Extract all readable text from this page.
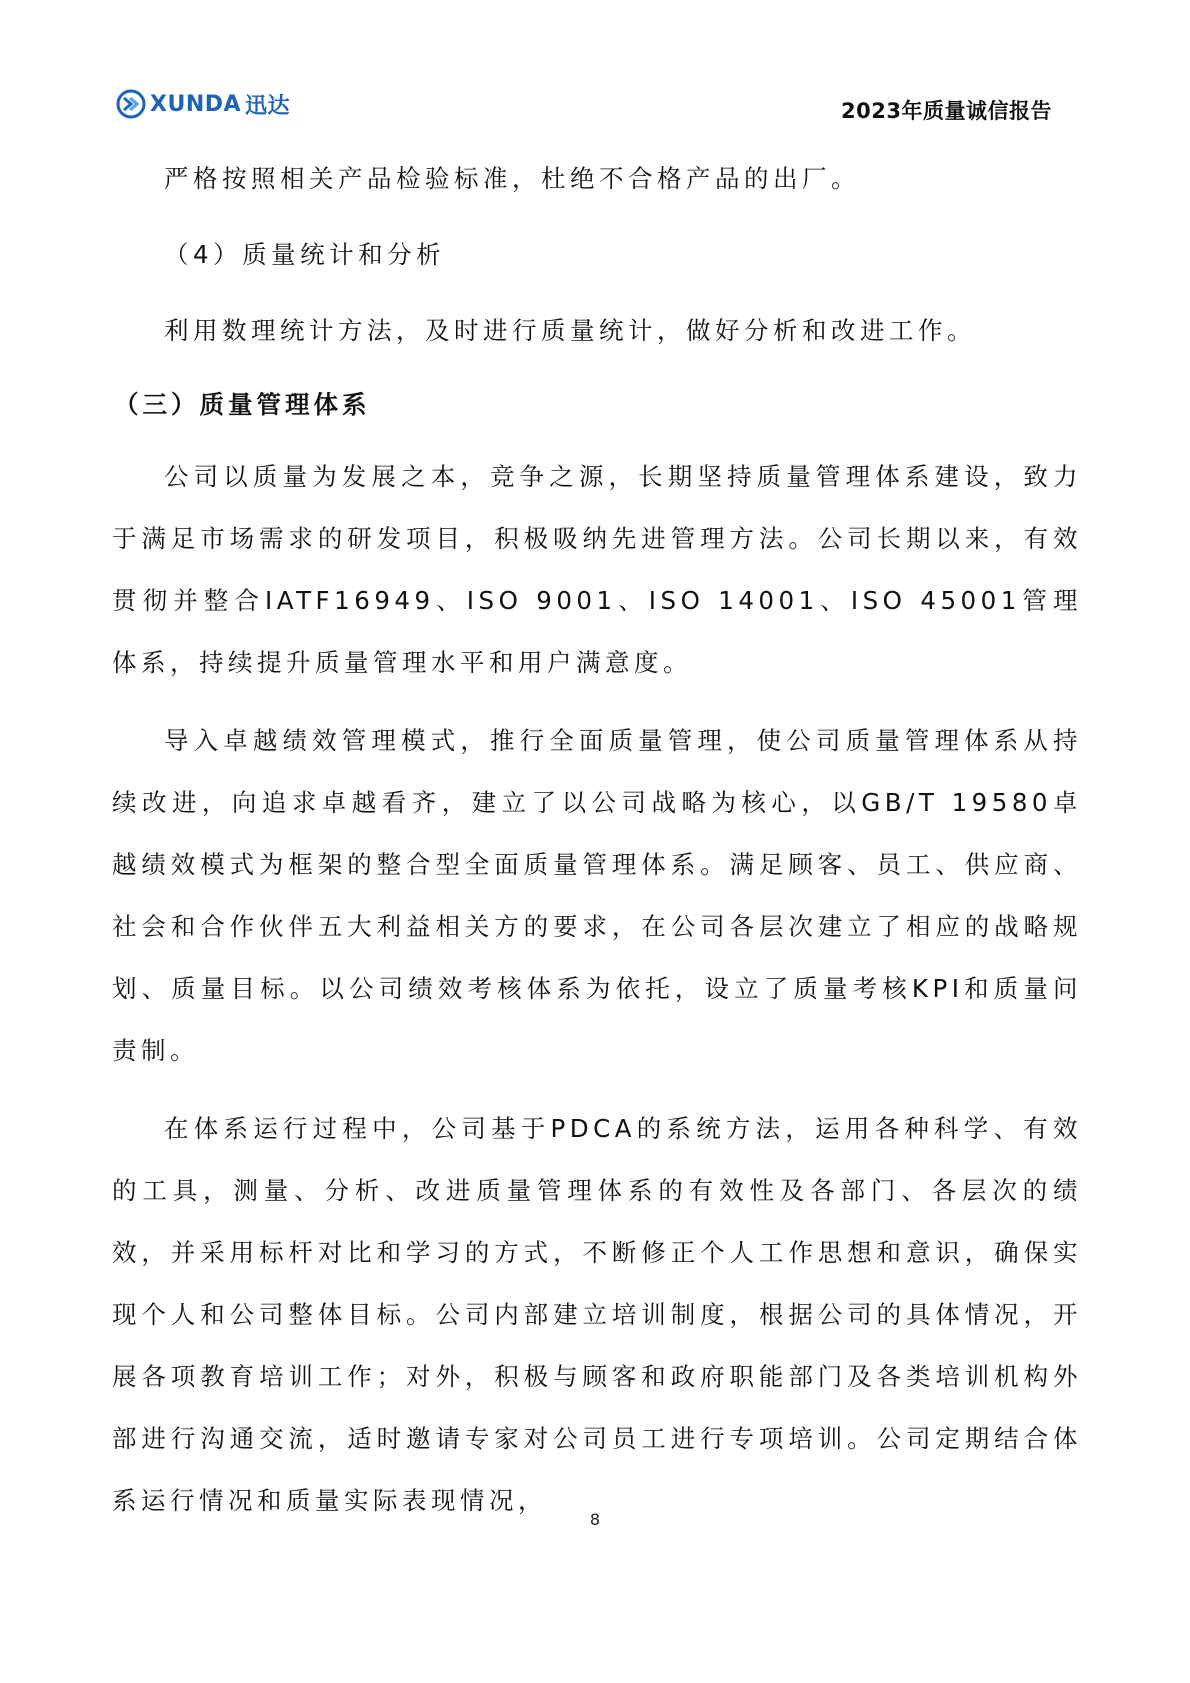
XUNDA 迅达	2023年质量诚信报告

严格按照相关产品检验标准，杜绝不合格产品的出厂。

（4）质量统计和分析

利用数理统计方法，及时进行质量统计，做好分析和改进工作。

（三）质量管理体系

公司以质量为发展之本，竞争之源，长期坚持质量管理体系建设，致力于满足市场需求的研发项目，积极吸纳先进管理方法。公司长期以来，有效贯彻并整合IATF16949、ISO 9001、ISO 14001、ISO 45001管理体系，持续提升质量管理水平和用户满意度。

导入卓越绩效管理模式，推行全面质量管理，使公司质量管理体系从持续改进，向追求卓越看齐，建立了以公司战略为核心，以GB/T 19580卓越绩效模式为框架的整合型全面质量管理体系。满足顾客、员工、供应商、社会和合作伙伴五大利益相关方的要求，在公司各层次建立了相应的战略规划、质量目标。以公司绩效考核体系为依托，设立了质量考核KPI和质量问责制。

在体系运行过程中，公司基于PDCA的系统方法，运用各种科学、有效的工具，测量、分析、改进质量管理体系的有效性及各部门、各层次的绩效，并采用标杆对比和学习的方式，不断修正个人工作思想和意识，确保实现个人和公司整体目标。公司内部建立培训制度，根据公司的具体情况，开展各项教育培训工作；对外，积极与顾客和政府职能部门及各类培训机构外部进行沟通交流，适时邀请专家对公司员工进行专项培训。公司定期结合体系运行情况和质量实际表现情况，

8
